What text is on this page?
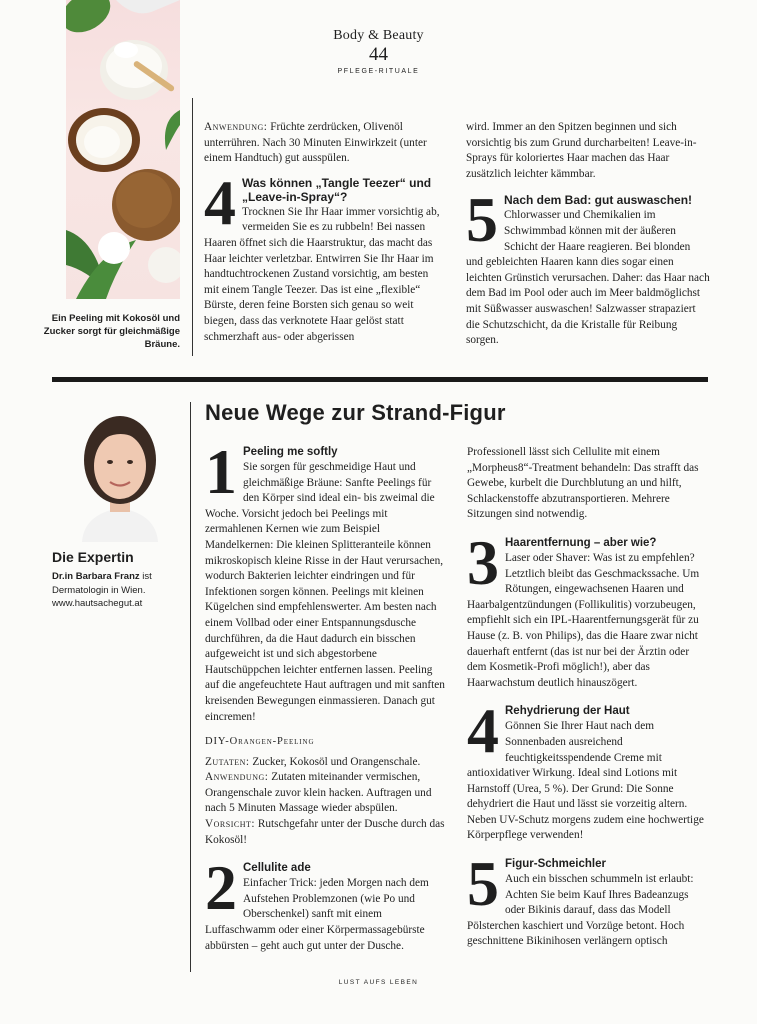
Body & Beauty
44
PFLEGE-RITUALE
Ein Peeling mit Kokosöl und Zucker sorgt für gleichmäßige Bräune.

Anwendung: Früchte zerdrücken, Olivenöl unterrühren. Nach 30 Minuten Einwirkzeit (unter einem Handtuch) gut ausspülen.

4 Was können „Tangle Teezer“ und „Leave-in-Spray“?

Trocknen Sie Ihr Haar immer vorsichtig ab, vermeiden Sie es zu rubbeln! Bei nassen Haaren öffnet sich die Haarstruktur, das macht das Haar leichter verletzbar. Entwirren Sie Ihr Haar im handtuchtrockenen Zustand vorsichtig, am besten mit einem Tangle Teezer. Das ist eine „flexible“ Bürste, deren feine Borsten sich genau so weit biegen, dass das verknotete Haar gelöst statt schmerzhaft aus- oder abgerissen

wird. Immer an den Spitzen beginnen und sich vorsichtig bis zum Grund durcharbeiten! Leave-in-Sprays für koloriertes Haar machen das Haar zusätzlich leichter kämmbar.

5 Nach dem Bad: gut auswaschen!

Chlorwasser und Chemikalien im Schwimmbad können mit der äußeren Schicht der Haare reagieren. Bei blonden und gebleichten Haaren kann dies sogar einen leichten Grünstich verursachen. Daher: das Haar nach dem Bad im Pool oder auch im Meer baldmöglichst mit Süßwasser auswaschen! Salzwasser strapaziert die Schutzschicht, da die Kristalle für Reibung sorgen.

Die Expertin
Dr.in Barbara Franz ist Dermatologin in Wien.
www.hautsachegut.at
Neue Wege zur Strand-Figur
1 Peeling me softly

Sie sorgen für geschmeidige Haut und gleichmäßige Bräune: Sanfte Peelings für den Körper sind ideal ein- bis zweimal die Woche. Vorsicht jedoch bei Peelings mit zermahlenen Kernen wie zum Beispiel Mandelkernen: Die kleinen Splitteranteile können mikroskopisch kleine Risse in der Haut verursachen, wodurch Bakterien leichter eindringen und für Infektionen sorgen können. Peelings mit kleinen Kügelchen sind empfehlenswerter. Am besten nach einem Vollbad oder einer Entspannungsdusche durchführen, da die Haut dadurch ein bisschen aufgeweicht ist und sich abgestorbene Hautschüppchen leichter entfernen lassen. Peeling auf die angefeuchtete Haut auftragen und mit sanften kreisenden Bewegungen einmassieren. Danach gut eincremen!

DIY-Orangen-Peeling

Zutaten: Zucker, Kokosöl und Orangenschale.
Anwendung: Zutaten miteinander vermischen, Orangenschale zuvor klein hacken. Auftragen und nach 5 Minuten Massage wieder abspülen.
Vorsicht: Rutschgefahr unter der Dusche durch das Kokosöl!

2 Cellulite ade

Einfacher Trick: jeden Morgen nach dem Aufstehen Problemzonen (wie Po und Oberschenkel) sanft mit einem Luffaschwamm oder einer Körpermassagebürste abbürsten – geht auch gut unter der Dusche.

Professionell lässt sich Cellulite mit einem „Morpheus8“-Treatment behandeln: Das strafft das Gewebe, kurbelt die Durchblutung an und hilft, Schlackenstoffe abzutransportieren. Mehrere Sitzungen sind notwendig.

3 Haarentfernung – aber wie?

Laser oder Shaver: Was ist zu empfehlen? Letztlich bleibt das Geschmackssache. Um Rötungen, eingewachsenen Haaren und Haarbalgentzündungen (Follikulitis) vorzubeugen, empfiehlt sich ein IPL-Haarentfernungsgerät für zu Hause (z. B. von Philips), das die Haare zwar nicht dauerhaft entfernt (das ist nur bei der Ärztin oder dem Kosmetik-Profi möglich!), aber das Haarwachstum deutlich hinauszögert.

4 Rehydrierung der Haut

Gönnen Sie Ihrer Haut nach dem Sonnenbaden ausreichend feuchtigkeitsspendende Creme mit antioxidativer Wirkung. Ideal sind Lotions mit Harnstoff (Urea, 5 %). Der Grund: Die Sonne dehydriert die Haut und lässt sie vorzeitig altern. Neben UV-Schutz morgens zudem eine hochwertige Körperpflege verwenden!

5 Figur-Schmeichler

Auch ein bisschen schummeln ist erlaubt: Achten Sie beim Kauf Ihres Badeanzugs oder Bikinis darauf, dass das Modell Pölsterchen kaschiert und Vorzüge betont. Hoch geschnittene Bikinihosen verlängern optisch

LUST AUFS LEBEN
